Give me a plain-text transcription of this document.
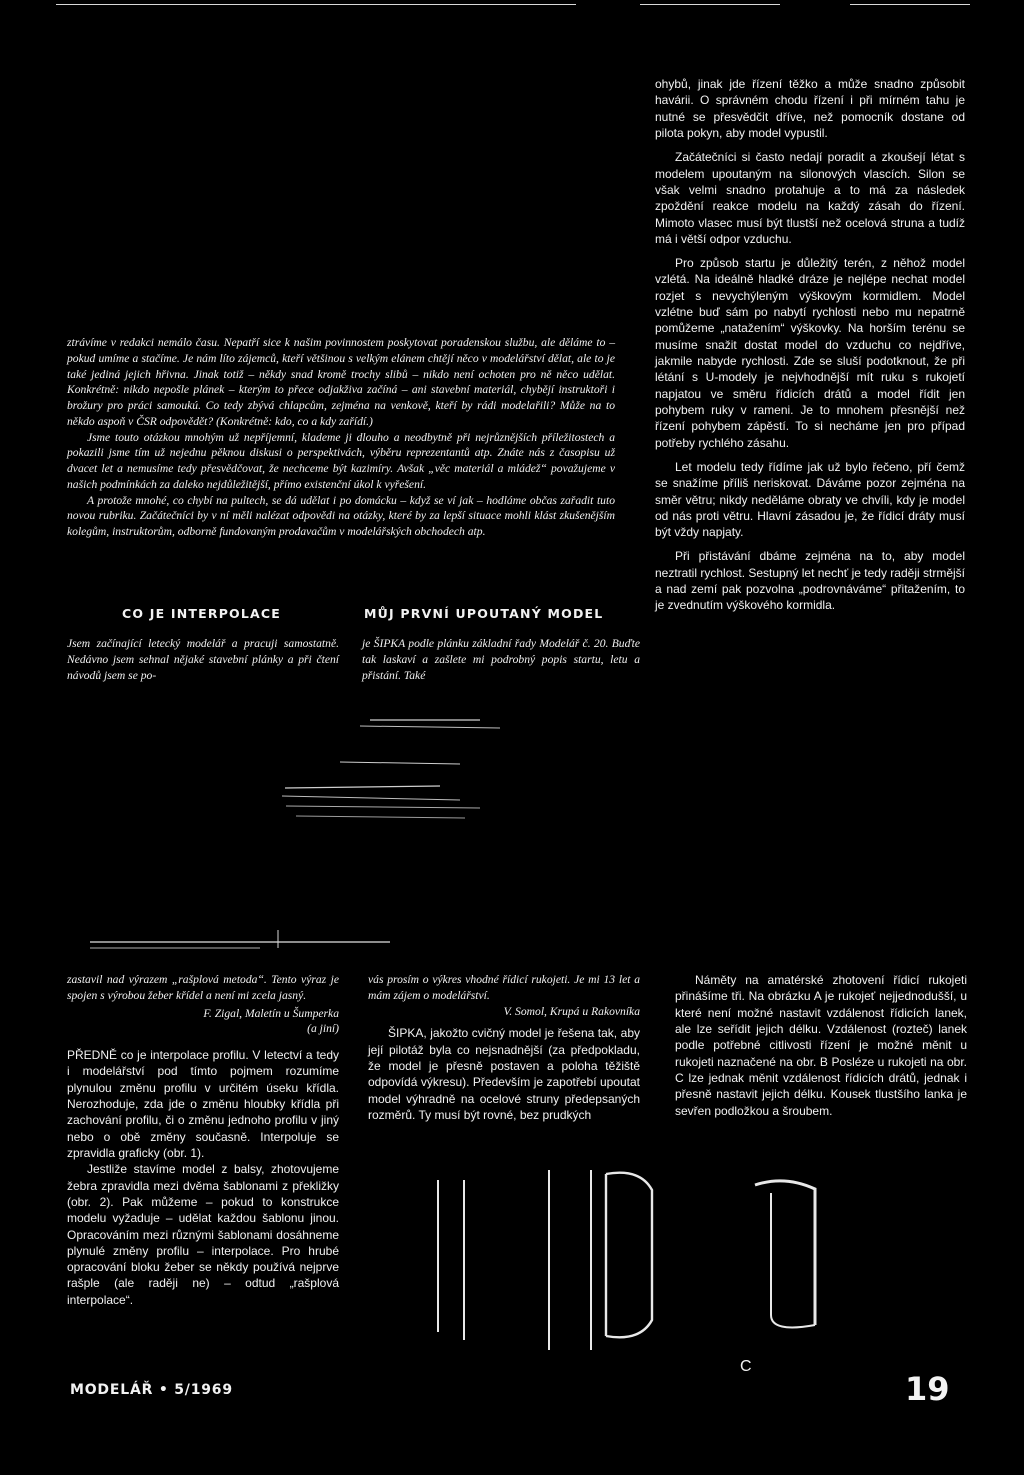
ohybů, jinak jde řízení těžko a může snadno způsobit havárii. O správném chodu řízení i při mírném tahu je nutné se přesvědčit dříve, než pomocník dostane od pilota pokyn, aby model vypustil.

Začátečníci si často nedají poradit a zkoušejí létat s modelem upoutaným na silonových vlascích. Silon se však velmi snadno protahuje a to má za následek zpoždění reakce modelu na každý zásah do řízení. Mimoto vlasec musí být tlustší než ocelová struna a tudíž má i větší odpor vzduchu.

Pro způsob startu je důležitý terén, z něhož model vzlétá. Na ideálně hladké dráze je nejlépe nechat model rozjet s nevychýleným výškovým kormidlem. Model vzlétne buď sám po nabytí rychlosti nebo mu nepatrně pomůžeme „natažením“ výškovky. Na horším terénu se musíme snažit dostat model do vzduchu co nejdříve, jakmile nabyde rychlosti. Zde se sluší podotknout, že při létání s U-modely je nejvhodnější mít ruku s rukojetí napjatou ve směru řídicích drátů a model řídit jen pohybem ruky v rameni. Je to mnohem přesnější než řízení pohybem zápěstí. To si necháme jen pro případ potřeby rychlého zásahu.

Let modelu tedy řídíme jak už bylo řečeno, pří čemž se snažíme příliš neriskovat. Dáváme pozor zejména na směr větru; nikdy neděláme obraty ve chvíli, kdy je model od nás proti větru. Hlavní zásadou je, že řídicí dráty musí být vždy napjaty.

Při přistávání dbáme zejména na to, aby model neztratil rychlost. Sestupný let nechť je tedy raději strmější a nad zemí pak pozvolna „podrovnáváme“ přitažením, to je zvednutím výškového kormidla.

ztrávíme v redakci nemálo času. Nepatří sice k našim povinnostem poskytovat poradenskou službu, ale děláme to – pokud umíme a stačíme. Je nám líto zájemců, kteří většinou s velkým elánem chtějí něco v modelářství dělat, ale to je také jediná jejich hřivna. Jinak totiž – někdy snad kromě trochy slibů – nikdo není ochoten pro ně něco udělat. Konkrétně: nikdo nepošle plánek – kterým to přece odjakživa začíná – ani stavební materiál, chybějí instruktoři i brožury pro práci samoukú. Co tedy zbývá chlapcům, zejména na venkově, kteří by rádi modelařili? Může na to někdo aspoň v ČSR odpovědět? (Konkrétně: kdo, co a kdy zařídí.)

Jsme touto otázkou mnohým už nepříjemní, klademe ji dlouho a neodbytně při nejrůznějších příležitostech a pokazili jsme tím už nejednu pěknou diskusi o perspektivách, výběru reprezentantů atp. Znáte nás z časopisu už dvacet let a nemusíme tedy přesvědčovat, že nechceme být kazimíry. Avšak „věc materiál a mládež“ považujeme v našich podmínkách za daleko nejdůležitější, přímo existenční úkol k vyřešení.

A protože mnohé, co chybí na pultech, se dá udělat i po domácku – když se ví jak – hodláme občas zařadit tuto novou rubriku. Začátečníci by v ní měli nalézat odpovědi na otázky, které by za lepší situace mohli klást zkušenějším kolegům, instruktorům, odborně fundovaným prodavačům v modelářských obchodech atp.

CO JE INTERPOLACE	MŮJ PRVNÍ UPOUTANÝ MODEL
Jsem začínající letecký modelář a pracuji samostatně. Nedávno jsem sehnal nějaké stavební plánky a při čtení návodů jsem se po-
je ŠIPKA podle plánku základní řady Modelář č. 20. Buďte tak laskaví a zašlete mi podrobný popis startu, letu a přistání. Také

zastavil nad výrazem „rašplová metoda“. Tento výraz je spojen s výrobou žeber křídel a není mi zcela jasný.

F. Zigal, Maletín u Šumperka

(a jiní)

PŘEDNĚ co je interpolace profilu. V letectví a tedy i modelářství pod tímto pojmem rozumíme plynulou změnu profilu v určitém úseku křídla. Nerozhoduje, zda jde o změnu hloubky křídla při zachování profilu, či o změnu jednoho profilu v jiný nebo o obě změny současně. Interpoluje se zpravidla graficky (obr. 1).

Jestliže stavíme model z balsy, zhotovujeme žebra zpravidla mezi dvěma šablonami z překližky (obr. 2). Pak můžeme – pokud to konstrukce modelu vyžaduje – udělat každou šablonu jinou. Opracováním mezi různými šablonami dosáhneme plynulé změny profilu – interpolace. Pro hrubé opracování bloku žeber se někdy používá nejprve rašple (ale raději ne) – odtud „rašplová interpolace“.

vás prosím o výkres vhodné řídicí rukojeti. Je mi 13 let a mám zájem o modelářství.

V. Somol, Krupá u Rakovníka

ŠIPKA, jakožto cvičný model je řešena tak, aby její pilotáž byla co nejsnadnější (za předpokladu, že model je přesně postaven a poloha těžiště odpovídá výkresu). Především je zapotřebí upoutat model výhradně na ocelové struny předepsaných rozměrů. Ty musí být rovné, bez prudkých

Náměty na amatérské zhotovení řídicí rukojeti přinášíme tři. Na obrázku A je rukojeť nejjednodušší, u které není možné nastavit vzdálenost řídicích lanek, ale lze seřídit jejich délku. Vzdálenost (rozteč) lanek podle potřebné citlivosti řízení je možné měnit u rukojeti naznačené na obr. B Posléze u rukojeti na obr. C lze jednak měnit vzdálenost řídicích drátů, jednak i přesně nastavit jejich délku. Kousek tlustšího lanka je sevřen podložkou a šroubem.
C
MODELÁŘ • 5/1969	19
